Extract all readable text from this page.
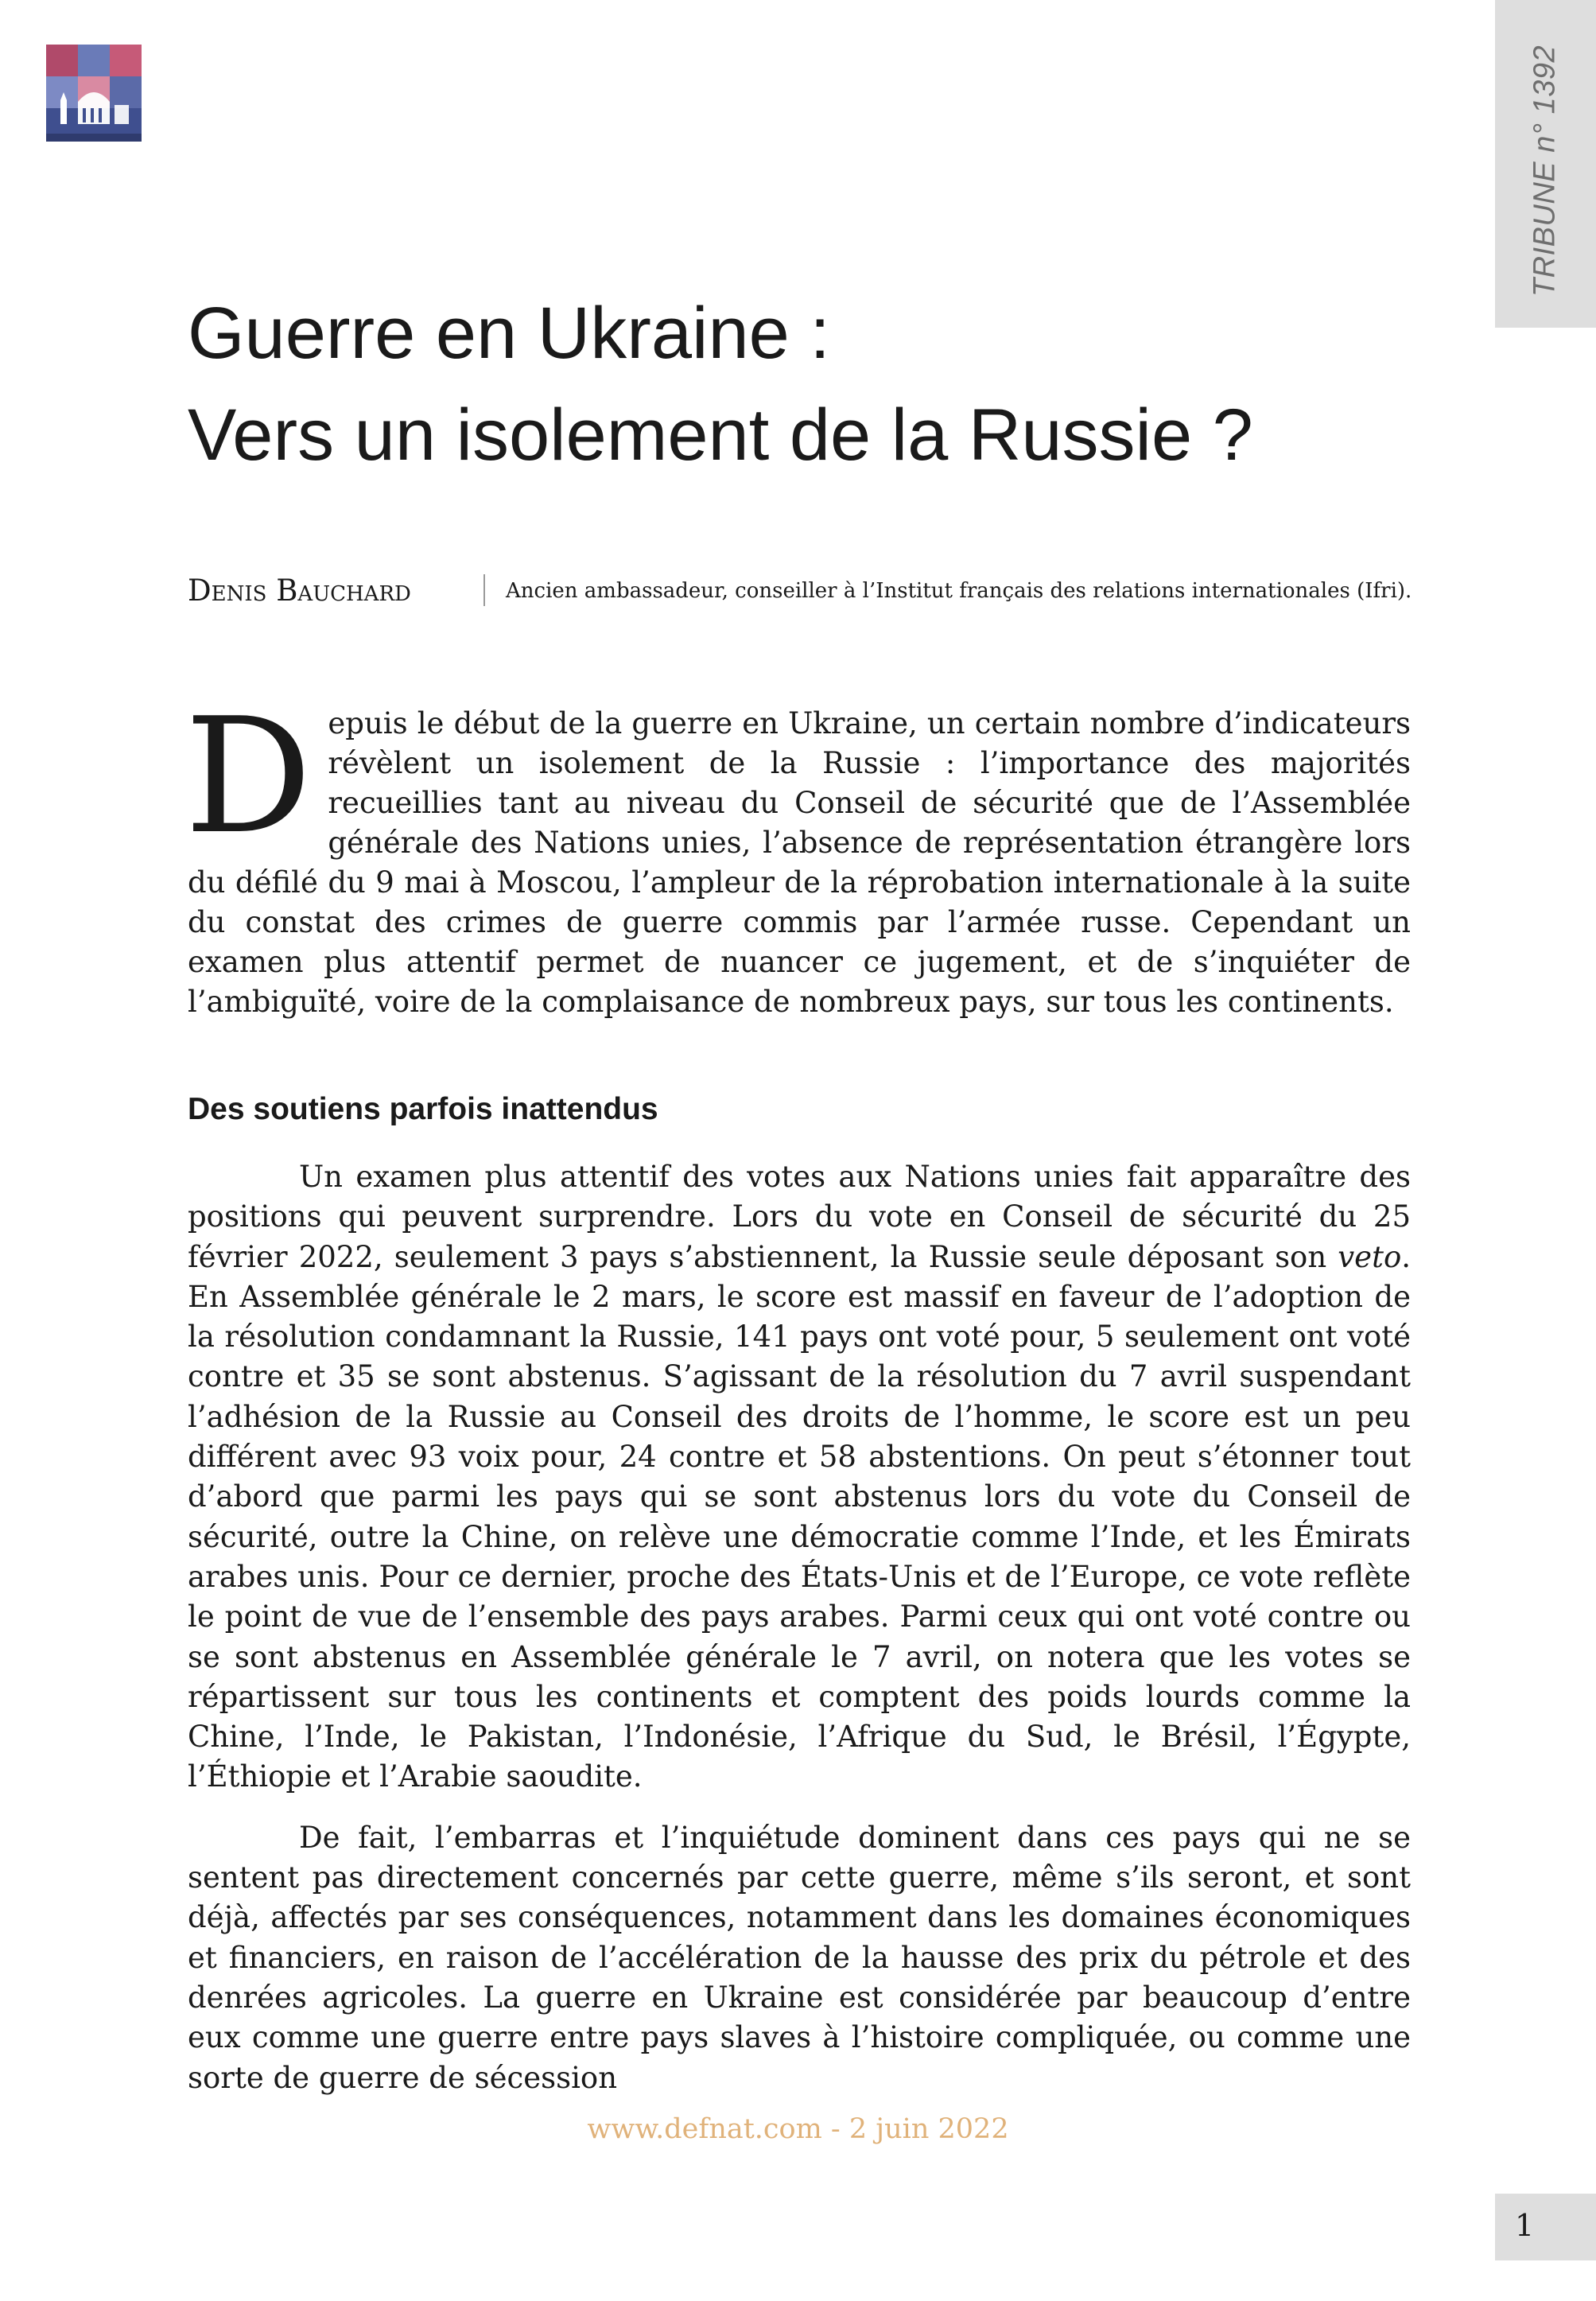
TRIBUNE n° 1392
Guerre en Ukraine :
Vers un isolement de la Russie ?
Denis Bauchard	Ancien ambassadeur, conseiller à l’Institut français des relations internationales (Ifri).

D epuis le début de la guerre en Ukraine, un certain nombre d’indicateurs révèlent un isolement de la Russie : l’importance des majorités recueillies tant au niveau du Conseil de sécurité que de l’Assemblée générale des Nations unies, l’absence de représentation étrangère lors du défilé du 9 mai à Moscou, l’ampleur de la réprobation internationale à la suite du constat des crimes de guerre commis par l’armée russe. Cependant un examen plus attentif permet de nuancer ce jugement, et de s’inquiéter de l’ambiguïté, voire de la complaisance de nombreux pays, sur tous les continents.

Des soutiens parfois inattendus

Un examen plus attentif des votes aux Nations unies fait apparaître des positions qui peuvent surprendre. Lors du vote en Conseil de sécurité du 25 février 2022, seulement 3 pays s’abstiennent, la Russie seule déposant son veto. En Assemblée générale le 2 mars, le score est massif en faveur de l’adoption de la résolution condamnant la Russie, 141 pays ont voté pour, 5 seulement ont voté contre et 35 se sont abstenus. S’agissant de la résolution du 7 avril suspendant l’adhésion de la Russie au Conseil des droits de l’homme, le score est un peu différent avec 93 voix pour, 24 contre et 58 abstentions. On peut s’étonner tout d’abord que parmi les pays qui se sont abstenus lors du vote du Conseil de sécurité, outre la Chine, on relève une démocratie comme l’Inde, et les Émirats arabes unis. Pour ce dernier, proche des États-Unis et de l’Europe, ce vote reflète le point de vue de l’ensemble des pays arabes. Parmi ceux qui ont voté contre ou se sont abstenus en Assemblée générale le 7 avril, on notera que les votes se répartissent sur tous les continents et comptent des poids lourds comme la Chine, l’Inde, le Pakistan, l’Indonésie, l’Afrique du Sud, le Brésil, l’Égypte, l’Éthiopie et l’Arabie saoudite.

De fait, l’embarras et l’inquiétude dominent dans ces pays qui ne se sentent pas directement concernés par cette guerre, même s’ils seront, et sont déjà, affectés par ses conséquences, notamment dans les domaines économiques et financiers, en raison de l’accélération de la hausse des prix du pétrole et des denrées agricoles. La guerre en Ukraine est considérée par beaucoup d’entre eux comme une guerre entre pays slaves à l’histoire compliquée, ou comme une sorte de guerre de sécession

www.defnat.com - 2 juin 2022
1
